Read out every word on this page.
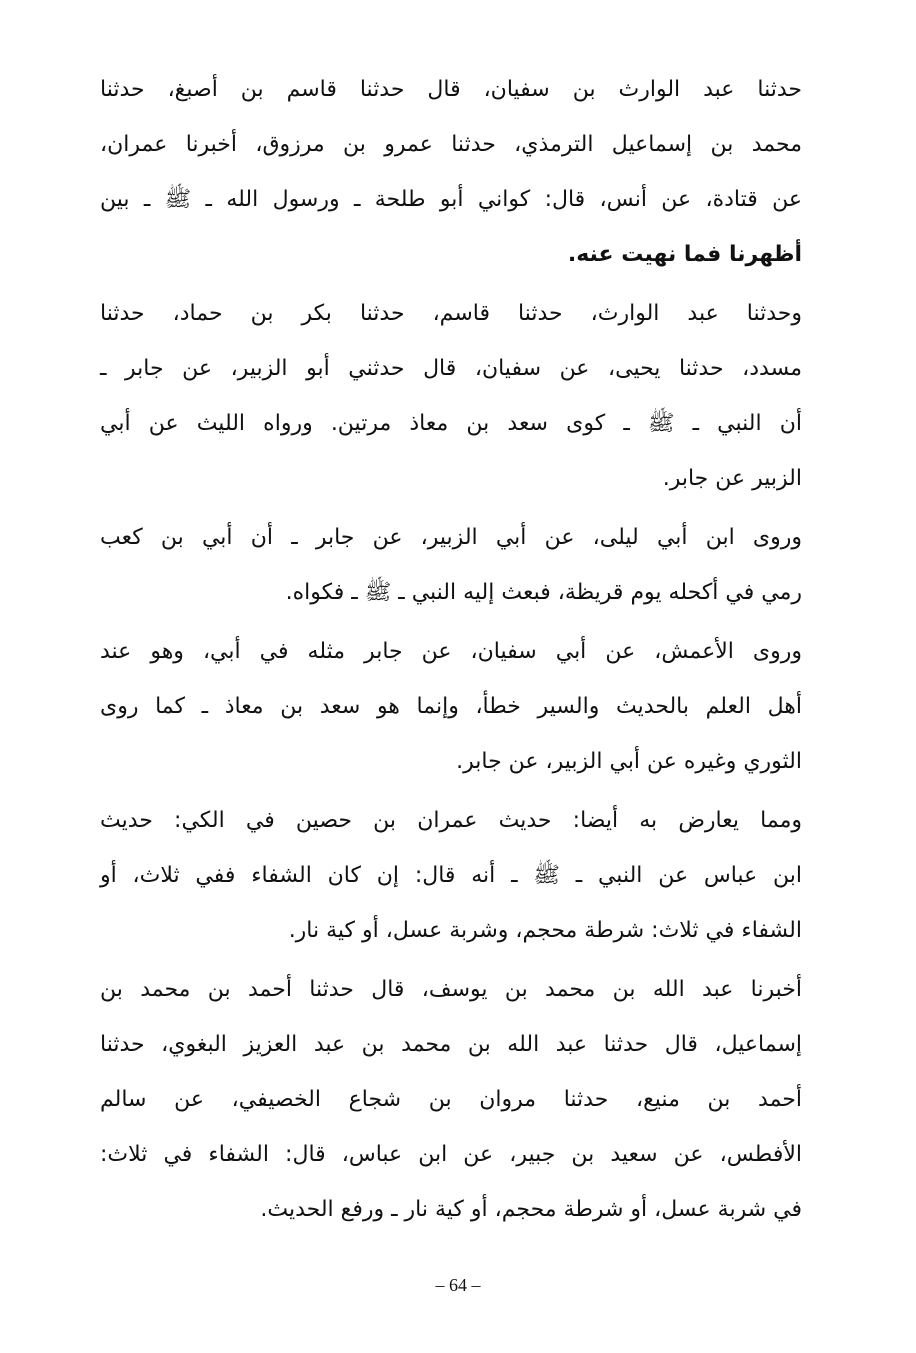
حدثنا عبد الوارث بن سفيان، قال حدثنا قاسم بن أصبغ، حدثنا
محمد بن إسماعيل الترمذي، حدثنا عمرو بن مرزوق، أخبرنا عمران،
عن قتادة، عن أنس، قال: كواني أبو طلحة ـ ورسول الله ـ ﷺ ـ بين
أظهرنا فما نهيت عنه.

وحدثنا عبد الوارث، حدثنا قاسم، حدثنا بكر بن حماد، حدثنا
مسدد، حدثنا يحيى، عن سفيان، قال حدثني أبو الزبير، عن جابر ـ
أن النبي ـ ﷺ ـ كوى سعد بن معاذ مرتين. ورواه الليث عن أبي
الزبير عن جابر.

وروى ابن أبي ليلى، عن أبي الزبير، عن جابر ـ أن أبي بن كعب
رمي في أكحله يوم قريظة، فبعث إليه النبي ـ ﷺ ـ فكواه.

وروى الأعمش، عن أبي سفيان، عن جابر مثله في أبي، وهو عند
أهل العلم بالحديث والسير خطأ، وإنما هو سعد بن معاذ ـ كما روى
الثوري وغيره عن أبي الزبير، عن جابر.

ومما يعارض به أيضا: حديث عمران بن حصين في الكي: حديث
ابن عباس عن النبي ـ ﷺ ـ أنه قال: إن كان الشفاء ففي ثلاث، أو
الشفاء في ثلاث: شرطة محجم، وشربة عسل، أو كية نار.

أخبرنا عبد الله بن محمد بن يوسف، قال حدثنا أحمد بن محمد بن
إسماعيل، قال حدثنا عبد الله بن محمد بن عبد العزيز البغوي، حدثنا
أحمد بن منيع، حدثنا مروان بن شجاع الخصيفي، عن سالم
الأفطس، عن سعيد بن جبير، عن ابن عباس، قال: الشفاء في ثلاث:
في شربة عسل، أو شرطة محجم، أو كية نار ـ ورفع الحديث.

– 64 –
